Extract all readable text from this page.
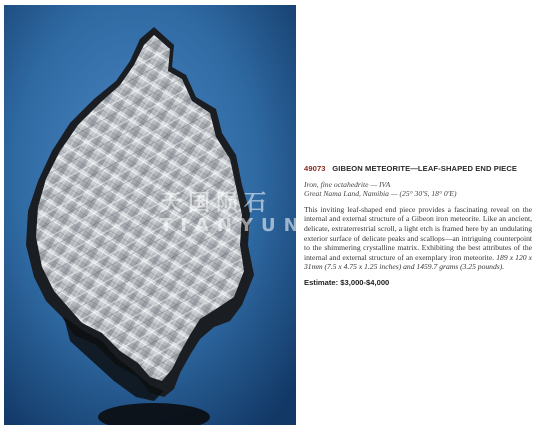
天国陨石
TIANYUN
49073 GIBEON METEORITE—LEAF-SHAPED END PIECE
Iron, fine octahedrite — IVA
Great Nama Land, Namibia — (25° 30'S, 18° 0'E)
This inviting leaf-shaped end piece provides a fascinating reveal on the internal and external structure of a Gibeon iron meteorite. Like an ancient, delicate, extraterrestrial scroll, a light etch is framed here by an undulating exterior surface of delicate peaks and scallops—an intriguing counterpoint to the shimmering crystalline matrix. Exhibiting the best attributes of the internal and external structure of an exemplary iron meteorite. 189 x 120 x 31mm (7.5 x 4.75 x 1.25 inches) and 1459.7 grams (3.25 pounds).
Estimate: $3,000-$4,000
